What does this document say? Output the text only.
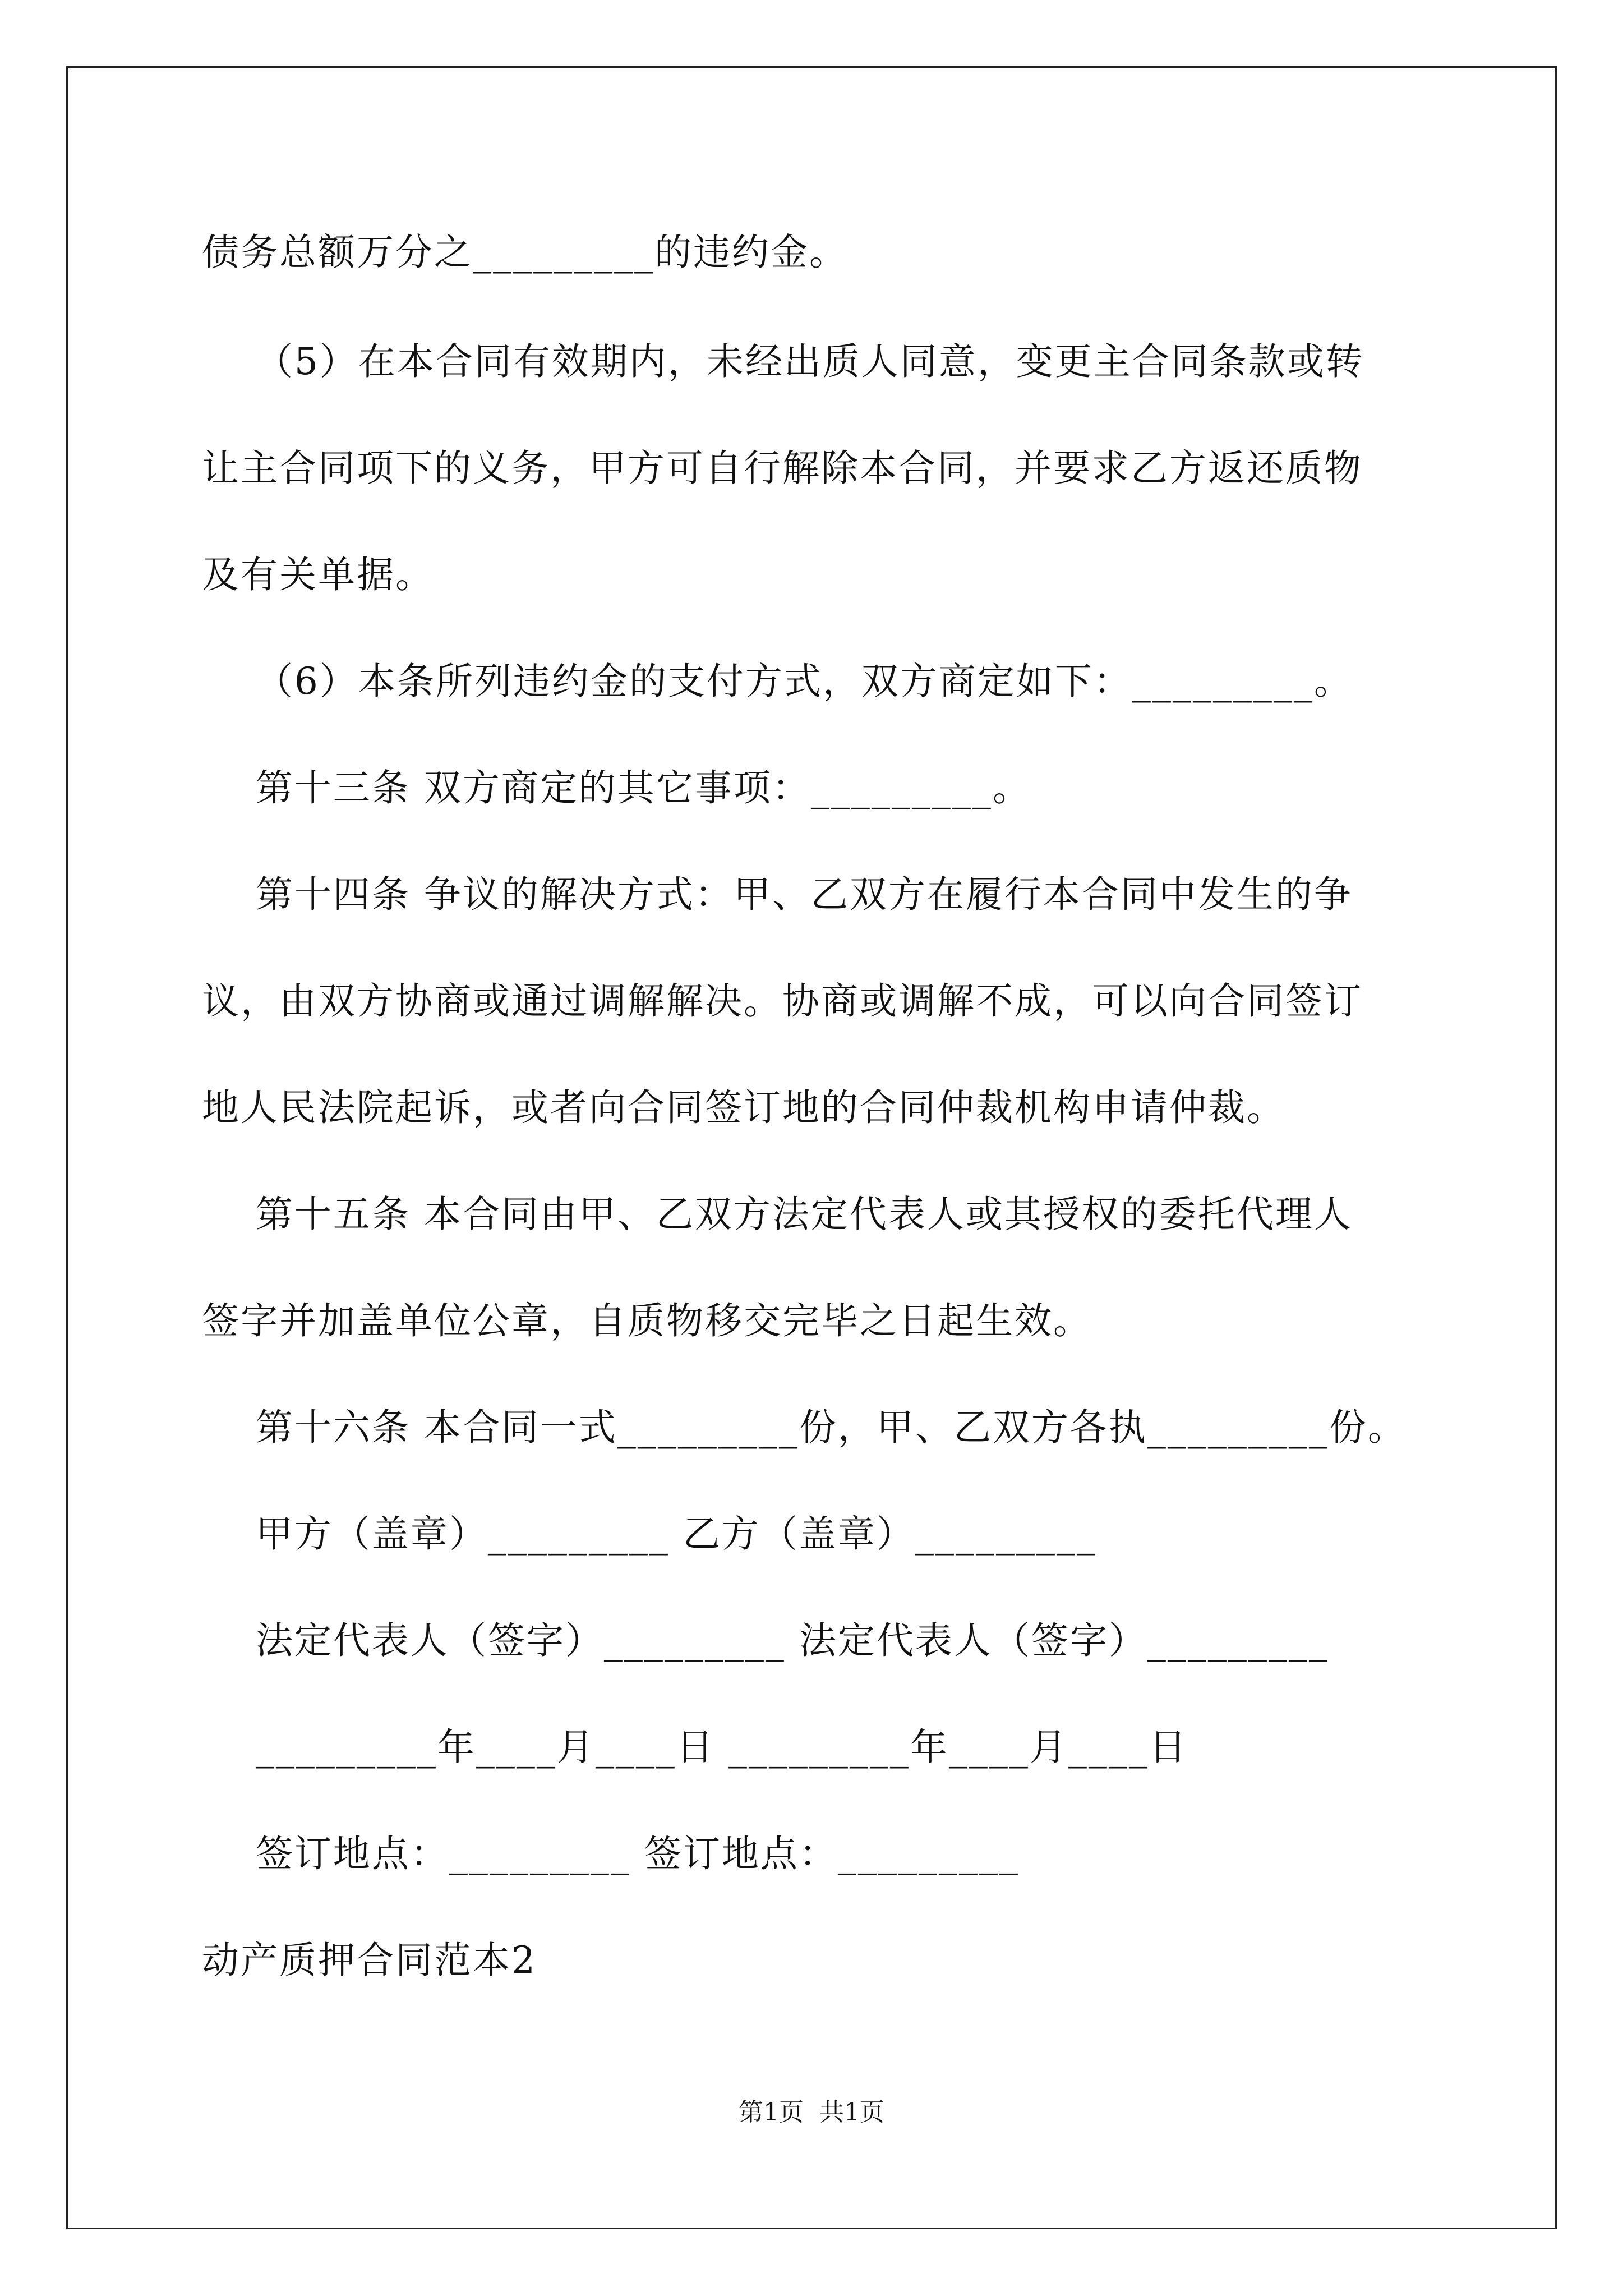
债务总额万分之_________的违约金。
（5）在本合同有效期内，未经出质人同意，变更主合同条款或转
让主合同项下的义务，甲方可自行解除本合同，并要求乙方返还质物
及有关单据。
（6）本条所列违约金的支付方式，双方商定如下：_________。
第十三条 双方商定的其它事项：_________。
第十四条 争议的解决方式：甲、乙双方在履行本合同中发生的争
议，由双方协商或通过调解解决。协商或调解不成，可以向合同签订
地人民法院起诉，或者向合同签订地的合同仲裁机构申请仲裁。
第十五条 本合同由甲、乙双方法定代表人或其授权的委托代理人
签字并加盖单位公章，自质物移交完毕之日起生效。
第十六条 本合同一式_________份，甲、乙双方各执_________份。
甲方（盖章）_________ 乙方（盖章）_________
法定代表人（签字）_________ 法定代表人（签字）_________
_________年____月____日 _________年____月____日
签订地点：_________ 签订地点：_________
动产质押合同范本2
第1页  共1页
